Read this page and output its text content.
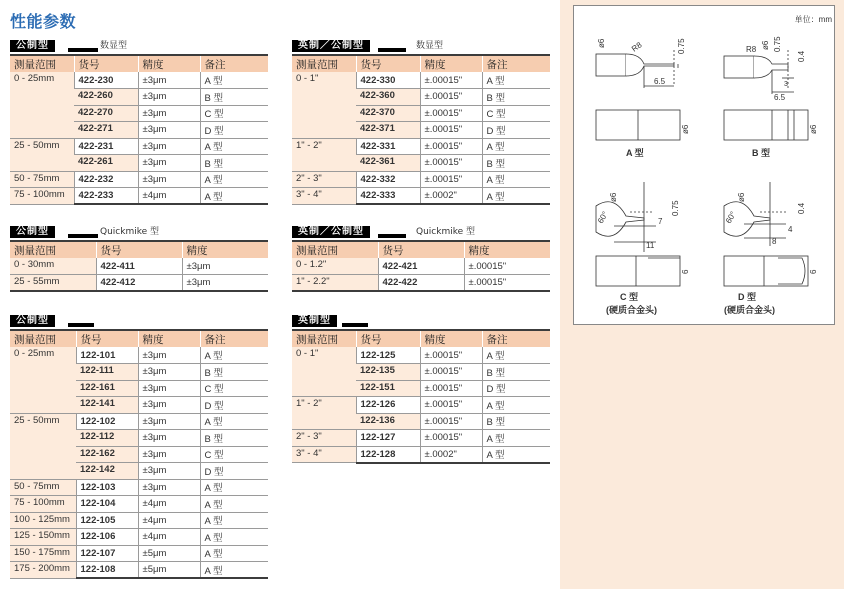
性能参数
公制型	数显型
测量范围	货号	精度	备注
0 - 25mm	422-230	±3μm	A 型
	422-260	±3μm	B 型
	422-270	±3μm	C 型
	422-271	±3μm	D 型
25 - 50mm	422-231	±3μm	A 型
	422-261	±3μm	B 型
50 - 75mm	422-232	±3μm	A 型
75 - 100mm	422-233	±4μm	A 型
英制／公制型	数显型
测量范围	货号	精度	备注
0 - 1"	422-330	±.00015"	A 型
	422-360	±.00015"	B 型
	422-370	±.00015"	C 型
	422-371	±.00015"	D 型
1" - 2"	422-331	±.00015"	A 型
	422-361	±.00015"	B 型
2" - 3"	422-332	±.00015"	A 型
3" - 4"	422-333	±.0002"	A 型
公制型	Quickmike 型
测量范围	货号	精度
0 - 30mm	422-411	±3μm
25 - 55mm	422-412	±3μm
英制／公制型	Quickmike 型
测量范围	货号	精度
0 - 1.2"	422-421	±.00015"
1" - 2.2"	422-422	±.00015"
公制型
测量范围	货号	精度	备注
0 - 25mm	122-101	±3μm	A 型
	122-111	±3μm	B 型
	122-161	±3μm	C 型
	122-141	±3μm	D 型
25 - 50mm	122-102	±3μm	A 型
	122-112	±3μm	B 型
	122-162	±3μm	C 型
	122-142	±3μm	D 型
50 - 75mm	122-103	±3μm	A 型
75 - 100mm	122-104	±4μm	A 型
100 - 125mm	122-105	±4μm	A 型
125 - 150mm	122-106	±4μm	A 型
150 - 175mm	122-107	±5μm	A 型
175 - 200mm	122-108	±5μm	A 型
英制型
测量范围	货号	精度	备注
0 - 1"	122-125	±.00015"	A 型
	122-135	±.00015"	B 型
	122-151	±.00015"	D 型
1" - 2"	122-126	±.00015"	A 型
	122-136	±.00015"	B 型
2" - 3"	122-127	±.00015"	A 型
3" - 4"	122-128	±.0002"	A 型
单位：mm
ø6	R8	0.75
6.5
ø6
A 型
R8 ø6 0.75
0.4
3
6.5
ø6
B 型
ø6
60°
0.75
7
11
6
C 型
(硬质合金头)
ø6
60°
0.4
4
8
6
D 型
(硬质合金头)
